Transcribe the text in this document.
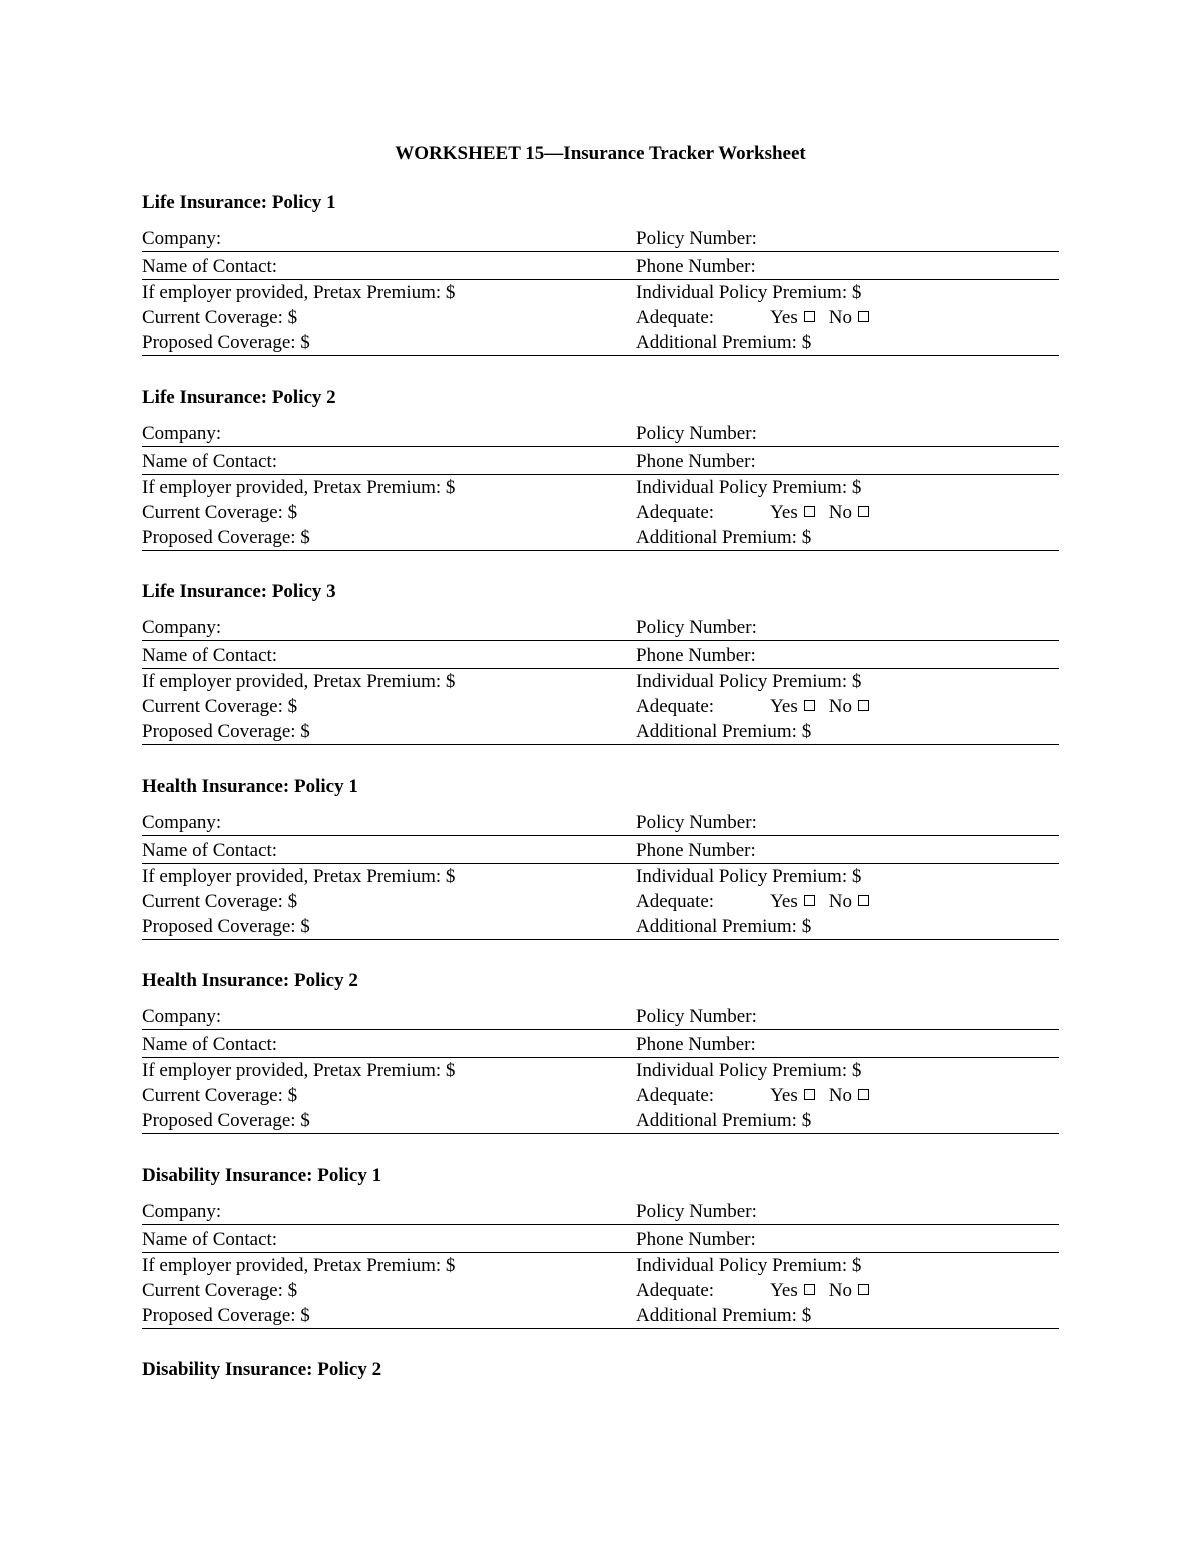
WORKSHEET 15—Insurance Tracker Worksheet
Life Insurance: Policy 1
Company:	Policy Number:
Name of Contact:	Phone Number:
If employer provided, Pretax Premium: $	Individual Policy Premium: $
Current Coverage: $	Adequate:	Yes No
Proposed Coverage: $	Additional Premium: $
Life Insurance: Policy 2
Company:	Policy Number:
Name of Contact:	Phone Number:
If employer provided, Pretax Premium: $	Individual Policy Premium: $
Current Coverage: $	Adequate:	Yes No
Proposed Coverage: $	Additional Premium: $
Life Insurance: Policy 3
Company:	Policy Number:
Name of Contact:	Phone Number:
If employer provided, Pretax Premium: $	Individual Policy Premium: $
Current Coverage: $	Adequate:	Yes No
Proposed Coverage: $	Additional Premium: $
Health Insurance: Policy 1
Company:	Policy Number:
Name of Contact:	Phone Number:
If employer provided, Pretax Premium: $	Individual Policy Premium: $
Current Coverage: $	Adequate:	Yes No
Proposed Coverage: $	Additional Premium: $
Health Insurance: Policy 2
Company:	Policy Number:
Name of Contact:	Phone Number:
If employer provided, Pretax Premium: $	Individual Policy Premium: $
Current Coverage: $	Adequate:	Yes No
Proposed Coverage: $	Additional Premium: $
Disability Insurance: Policy 1
Company:	Policy Number:
Name of Contact:	Phone Number:
If employer provided, Pretax Premium: $	Individual Policy Premium: $
Current Coverage: $	Adequate:	Yes No
Proposed Coverage: $	Additional Premium: $
Disability Insurance: Policy 2
